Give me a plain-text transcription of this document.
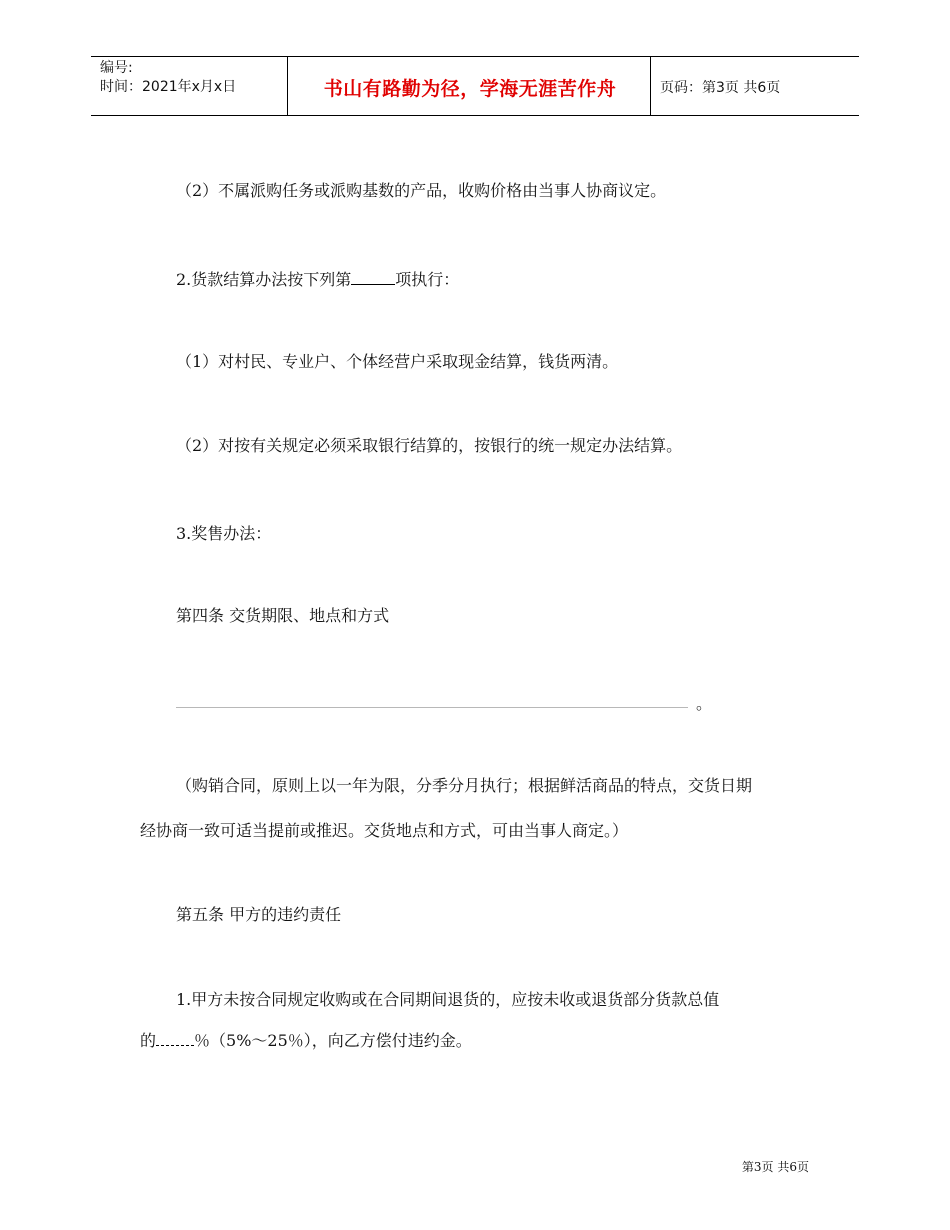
编号:
时间：2021年x月x日	书山有路勤为径，学海无涯苦作舟	页码：第3页 共6页
（2）不属派购任务或派购基数的产品，收购价格由当事人协商议定。
2.货款结算办法按下列第	项执行：
（1）对村民、专业户、个体经营户采取现金结算，钱货两清。
（2）对按有关规定必须采取银行结算的，按银行的统一规定办法结算。
3.奖售办法：
第四条 交货期限、地点和方式
。
（购销合同，原则上以一年为限，分季分月执行；根据鲜活商品的特点，交货日期
经协商一致可适当提前或推迟。交货地点和方式，可由当事人商定。）
第五条 甲方的违约责任
1.甲方未按合同规定收购或在合同期间退货的，应按未收或退货部分货款总值
的 ％（5%～25％），向乙方偿付违约金。
第3页 共6页
